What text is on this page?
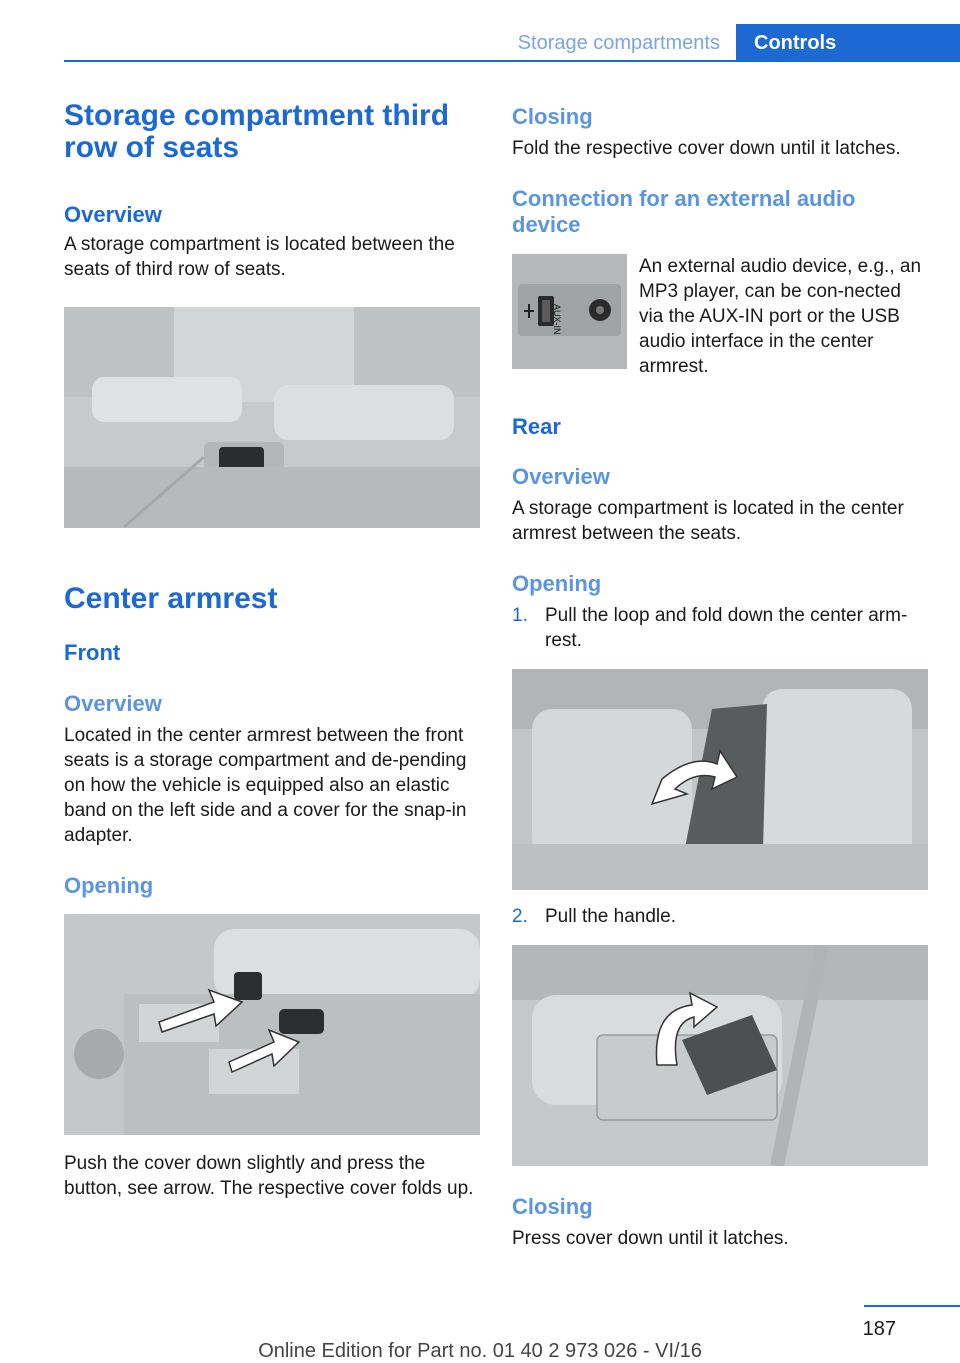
Storage compartments Controls
Storage compartment third row of seats
Overview

A storage compartment is located between the seats of third row of seats.

Center armrest
Front
Overview

Located in the center armrest between the front seats is a storage compartment and de‐pending on how the vehicle is equipped also an elastic band on the left side and a cover for the snap‑in adapter.

Opening

Push the cover down slightly and press the button, see arrow. The respective cover folds up.

Closing

Fold the respective cover down until it latches.

Connection for an external audio device
AUX-IN

An external audio device, e.g., an MP3 player, can be con‐nected via the AUX-IN port or the USB audio interface in the center armrest.

Rear
Overview

A storage compartment is located in the center armrest between the seats.

Opening
1. Pull the loop and fold down the center arm‐rest.
2. Pull the handle.
Closing

Press cover down until it latches.

187
Online Edition for Part no. 01 40 2 973 026 - VI/16
